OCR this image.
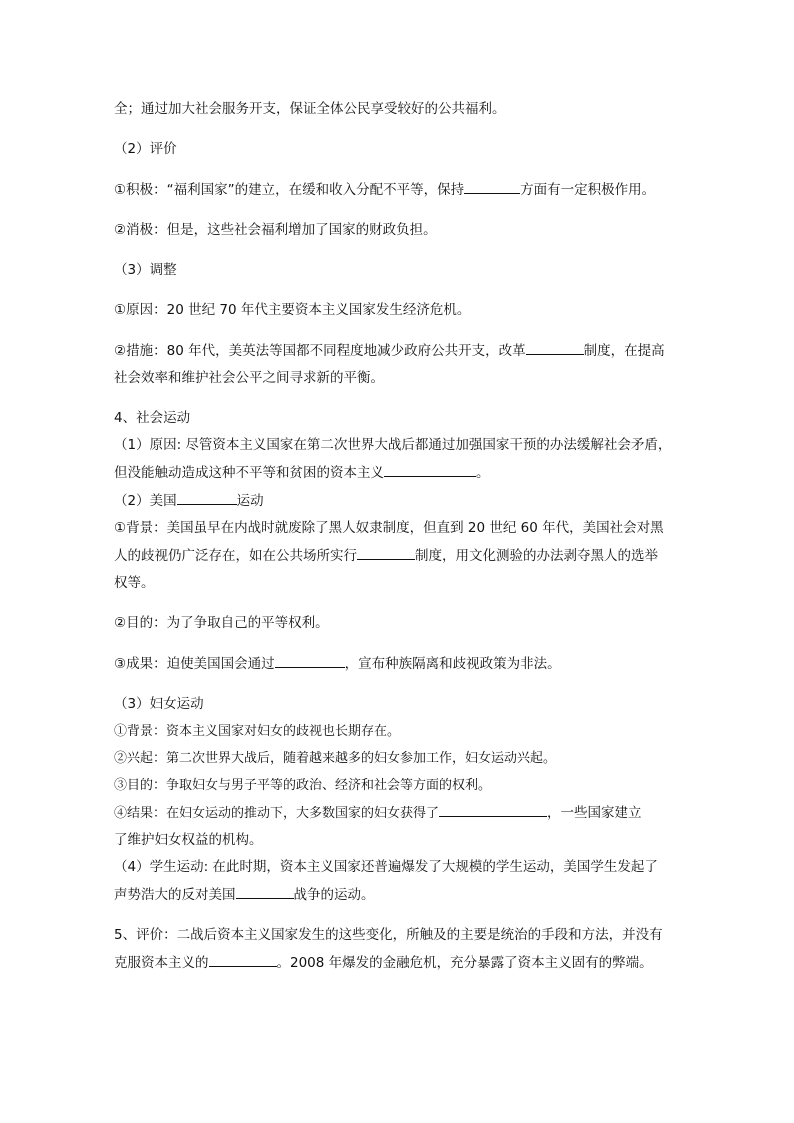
全；通过加大社会服务开支，保证全体公民享受较好的公共福利。

（2）评价

①积极：“福利国家”的建立，在缓和收入分配不平等，保持	方面有一定积极作用。

②消极：但是，这些社会福利增加了国家的财政负担。

（3）调整

①原因：20 世纪 70 年代主要资本主义国家发生经济危机。

②措施：80 年代，美英法等国都不同程度地减少政府公共开支，改革	制度，在提高

社会效率和维护社会公平之间寻求新的平衡。

4、社会运动

（1）原因: 尽管资本主义国家在第二次世界大战后都通过加强国家干预的办法缓解社会矛盾，

但没能触动造成这种不平等和贫困的资本主义	。

（2）美国	运动

①背景：美国虽早在内战时就废除了黑人奴隶制度，但直到 20 世纪 60 年代，美国社会对黑

人的歧视仍广泛存在，如在公共场所实行	制度，用文化测验的办法剥夺黑人的选举

权等。

②目的：为了争取自己的平等权利。

③成果：迫使美国国会通过	，宣布种族隔离和歧视政策为非法。

（3）妇女运动

①背景：资本主义国家对妇女的歧视也长期存在。

②兴起：第二次世界大战后，随着越来越多的妇女参加工作，妇女运动兴起。

③目的：争取妇女与男子平等的政治、经济和社会等方面的权利。

④结果：在妇女运动的推动下，大多数国家的妇女获得了	，一些国家建立

了维护妇女权益的机构。

（4）学生运动: 在此时期，资本主义国家还普遍爆发了大规模的学生运动，美国学生发起了

声势浩大的反对美国	战争的运动。

5、评价：二战后资本主义国家发生的这些变化，所触及的主要是统治的手段和方法，并没有

克服资本主义的	。2008 年爆发的金融危机，充分暴露了资本主义固有的弊端。
